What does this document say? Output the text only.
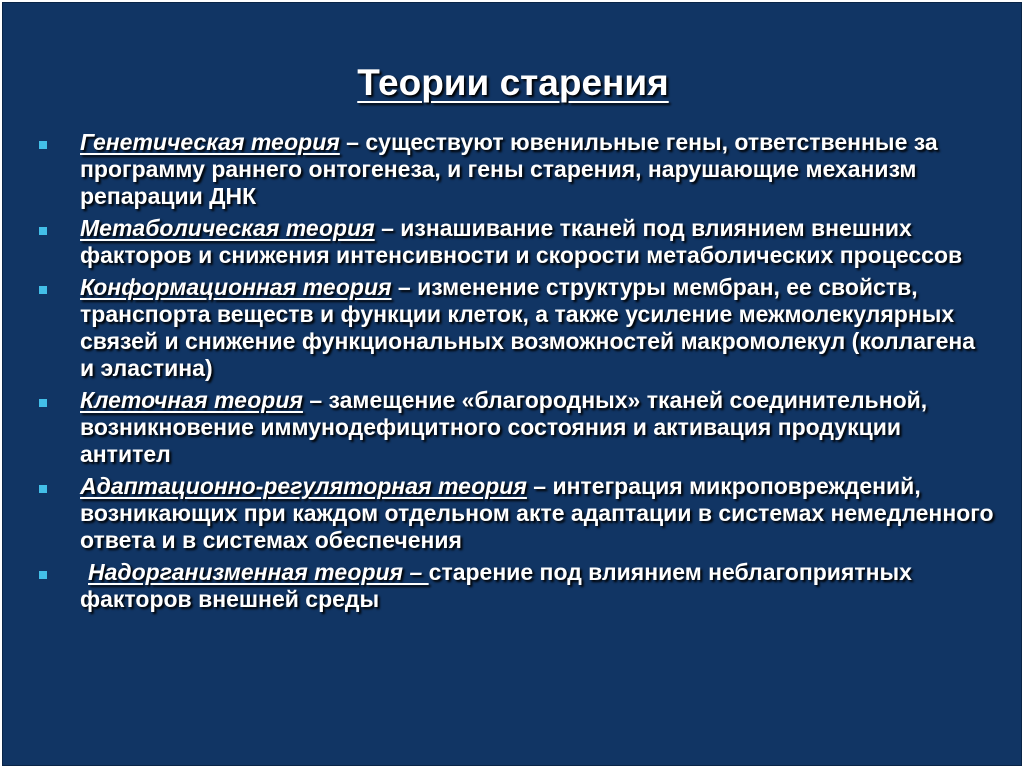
Теории старения
Генетическая теория – существуют ювенильные гены, ответственные за программу раннего онтогенеза, и гены старения, нарушающие механизм репарации ДНК
Метаболическая теория – изнашивание тканей под влиянием внешних факторов и снижения интенсивности и скорости метаболических процессов
Конформационная теория – изменение структуры мембран, ее свойств, транспорта веществ и функции клеток, а также усиление межмолекулярных связей и снижение функциональных возможностей макромолекул (коллагена и эластина)
Клеточная теория – замещение «благородных» тканей соединительной, возникновение иммунодефицитного состояния и активация продукции антител
Адаптационно-регуляторная теория – интеграция микроповреждений, возникающих при каждом отдельном акте адаптации в системах немедленного ответа и в системах обеспечения
Надорганизменная теория – старение под влиянием неблагоприятных факторов внешней среды
